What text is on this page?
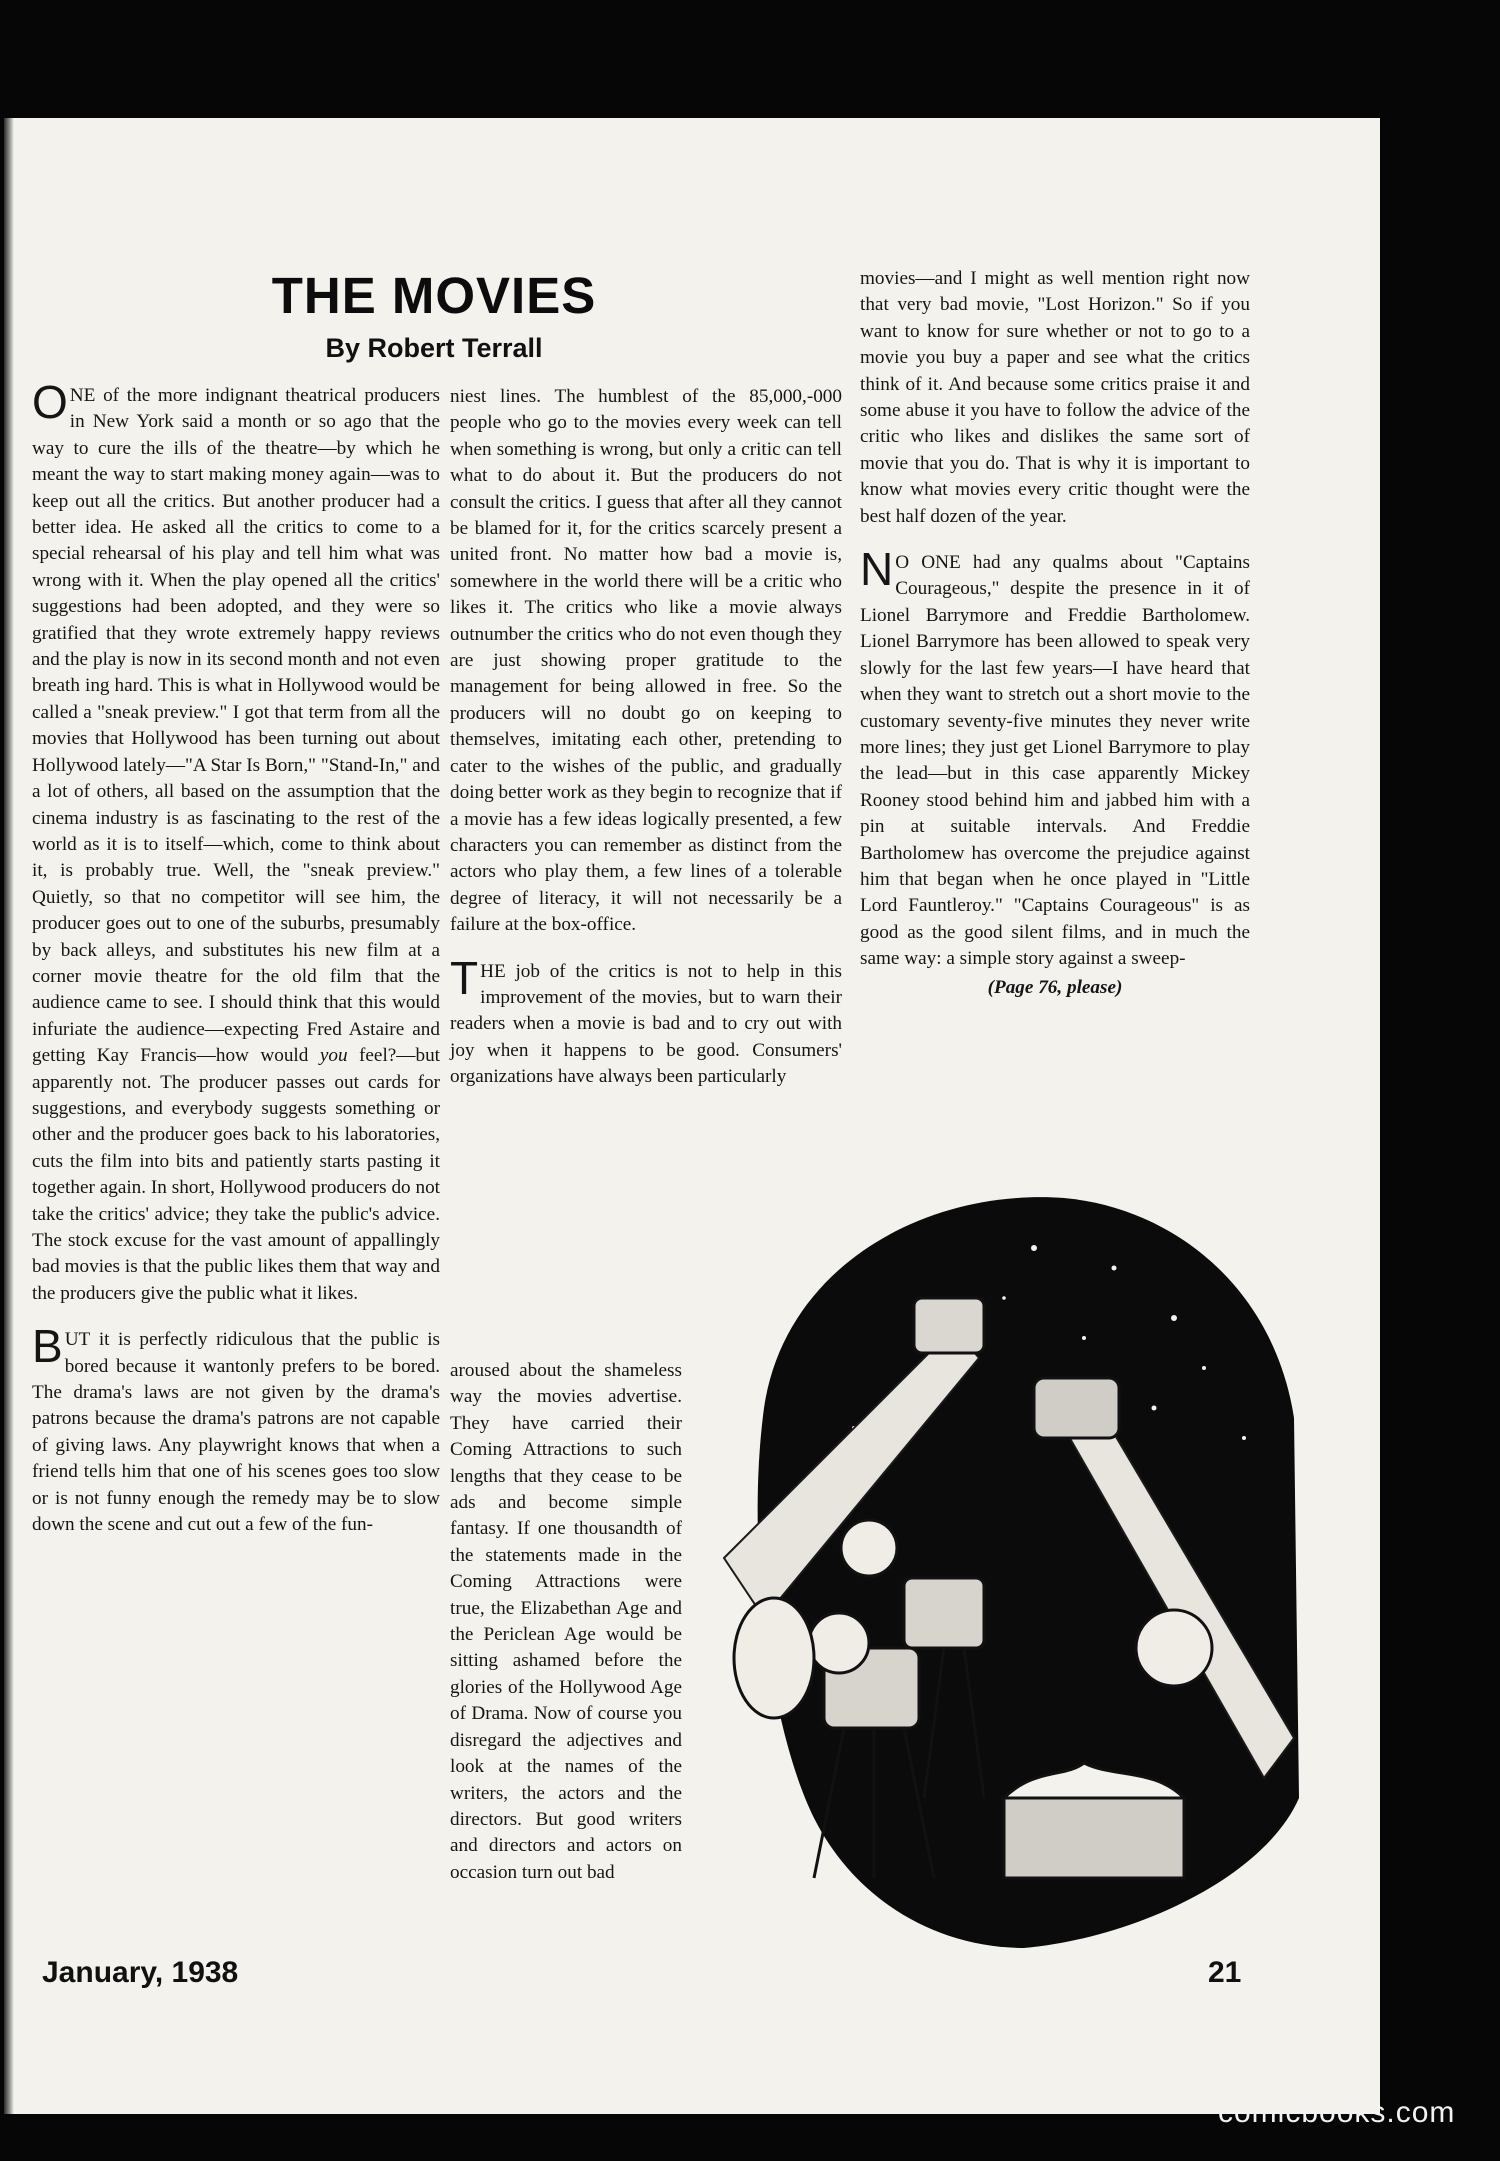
THE MOVIES
By Robert Terrall

ONE of the more indignant theatrical producers in New York said a month or so ago that the way to cure the ills of the theatre—by which he meant the way to start making money again—was to keep out all the critics. But another producer had a better idea. He asked all the critics to come to a special rehearsal of his play and tell him what was wrong with it. When the play opened all the critics' suggestions had been adopted, and they were so gratified that they wrote extremely happy reviews and the play is now in its second month and not even breath ing hard. This is what in Hollywood would be called a "sneak preview." I got that term from all the movies that Hollywood has been turning out about Hollywood lately—"A Star Is Born," "Stand-In," and a lot of others, all based on the assumption that the cinema industry is as fascinating to the rest of the world as it is to itself—which, come to think about it, is probably true. Well, the "sneak preview." Quietly, so that no competitor will see him, the producer goes out to one of the suburbs, presumably by back alleys, and substitutes his new film at a corner movie theatre for the old film that the audience came to see. I should think that this would infuriate the audience—expecting Fred Astaire and getting Kay Francis—how would you feel?—but apparently not. The producer passes out cards for suggestions, and everybody suggests something or other and the producer goes back to his laboratories, cuts the film into bits and patiently starts pasting it together again. In short, Hollywood producers do not take the critics' advice; they take the public's advice. The stock excuse for the vast amount of appallingly bad movies is that the public likes them that way and the producers give the public what it likes.

BUT it is perfectly ridiculous that the public is bored because it wantonly prefers to be bored. The drama's laws are not given by the drama's patrons because the drama's patrons are not capable of giving laws. Any playwright knows that when a friend tells him that one of his scenes goes too slow or is not funny enough the remedy may be to slow down the scene and cut out a few of the fun-

niest lines. The humblest of the 85,000,-000 people who go to the movies every week can tell when something is wrong, but only a critic can tell what to do about it. But the producers do not consult the critics. I guess that after all they cannot be blamed for it, for the critics scarcely present a united front. No matter how bad a movie is, somewhere in the world there will be a critic who likes it. The critics who like a movie always outnumber the critics who do not even though they are just showing proper gratitude to the management for being allowed in free. So the producers will no doubt go on keeping to themselves, imitating each other, pretending to cater to the wishes of the public, and gradually doing better work as they begin to recognize that if a movie has a few ideas logically presented, a few characters you can remember as distinct from the actors who play them, a few lines of a tolerable degree of literacy, it will not necessarily be a failure at the box-office.

THE job of the critics is not to help in this improvement of the movies, but to warn their readers when a movie is bad and to cry out with joy when it happens to be good. Consumers' organizations have always been particularly

aroused about the shameless way the movies advertise. They have carried their Coming Attractions to such lengths that they cease to be ads and become simple fantasy. If one thousandth of the statements made in the Coming Attractions were true, the Elizabethan Age and the Periclean Age would be sitting ashamed before the glories of the Hollywood Age of Drama. Now of course you disregard the adjectives and look at the names of the writers, the actors and the directors. But good writers and directors and actors on occasion turn out bad

movies—and I might as well mention right now that very bad movie, "Lost Horizon." So if you want to know for sure whether or not to go to a movie you buy a paper and see what the critics think of it. And because some critics praise it and some abuse it you have to follow the advice of the critic who likes and dislikes the same sort of movie that you do. That is why it is important to know what movies every critic thought were the best half dozen of the year.

N O ONE had any qualms about "Captains Courageous," despite the presence in it of Lionel Barrymore and Freddie Bartholomew. Lionel Barrymore has been allowed to speak very slowly for the last few years—I have heard that when they want to stretch out a short movie to the customary seventy-five minutes they never write more lines; they just get Lionel Barrymore to play the lead—but in this case apparently Mickey Rooney stood behind him and jabbed him with a pin at suitable intervals. And Freddie Bartholomew has overcome the prejudice against him that began when he once played in "Little Lord Fauntleroy." "Captains Courageous" is as good as the good silent films, and in much the same way: a simple story against a sweep-

(Page 76, please)
January, 1938	21
comicbooks.com
